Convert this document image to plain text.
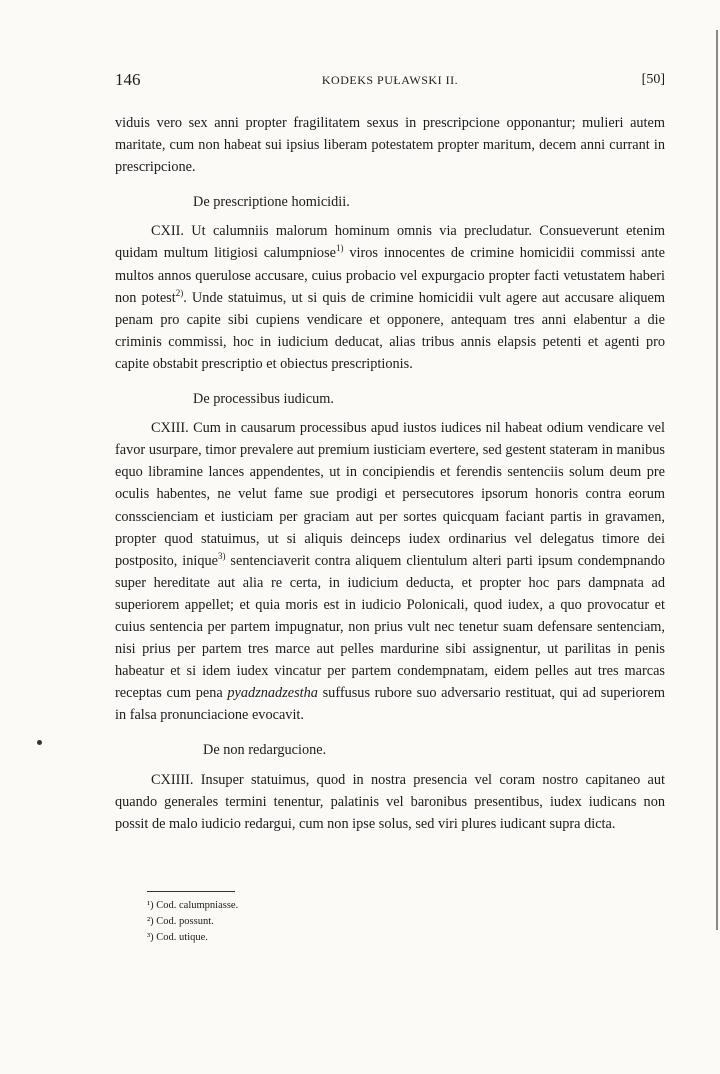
146	KODEKS PUŁAWSKI II.	[50]

viduis vero sex anni propter fragilitatem sexus in prescripcione opponantur; mulieri autem maritate, cum non habeat sui ipsius liberam potestatem propter maritum, decem anni currant in prescripcione.

De prescriptione homicidii.

CXII. Ut calumniis malorum hominum omnis via precludatur. Consueverunt etenim quidam multum litigiosi calumpniose$^{1)}$ viros innocentes de crimine homicidii commissi ante multos annos querulose accusare, cuius probacio vel expurgacio propter facti vetustatem haberi non potest$^{2)}$. Unde statuimus, ut si quis de crimine homicidii vult agere aut accusare aliquem penam pro capite sibi cupiens vendicare et opponere, antequam tres anni elabentur a die criminis commissi, hoc in iudicium deducat, alias tribus annis elapsis petenti et agenti pro capite obstabit prescriptio et obiectus prescriptionis.

De processibus iudicum.

CXIII. Cum in causarum processibus apud iustos iudices nil habeat odium vendicare vel favor usurpare, timor prevalere aut premium iusticiam evertere, sed gestent stateram in manibus equo libramine lances appendentes, ut in concipiendis et ferendis sentenciis solum deum pre oculis habentes, ne velut fame sue prodigi et persecutores ipsorum honoris contra eorum consscienciam et iusticiam per graciam aut per sortes quicquam faciant partis in gravamen, propter quod statuimus, ut si aliquis deinceps iudex ordinarius vel delegatus timore dei postposito, inique$^{3)}$ sentenciaverit contra aliquem clientulum alteri parti ipsum condempnando super hereditate aut alia re certa, in iudicium deducta, et propter hoc pars dampnata ad superiorem appellet; et quia moris est in iudicio Polonicali, quod iudex, a quo provocatur et cuius sentencia per partem impugnatur, non prius vult nec tenetur suam defensare sentenciam, nisi prius per partem tres marce aut pelles mardurine sibi assignentur, ut parilitas in penis habeatur et si idem iudex vincatur per partem condempnatam, eidem pelles aut tres marcas receptas cum pena pyadznadzestha suffusus rubore suo adversario restituat, qui ad superiorem in falsa pronunciacione evocavit.

De non redargucione.

CXIIII. Insuper statuimus, quod in nostra presencia vel coram nostro capitaneo aut quando generales termini tenentur, palatinis vel baronibus presentibus, iudex iudicans non possit de malo iudicio redargui, cum non ipse solus, sed viri plures iudicant supra dicta.

¹) Cod. calumpniasse.

²) Cod. possunt.

³) Cod. utique.
